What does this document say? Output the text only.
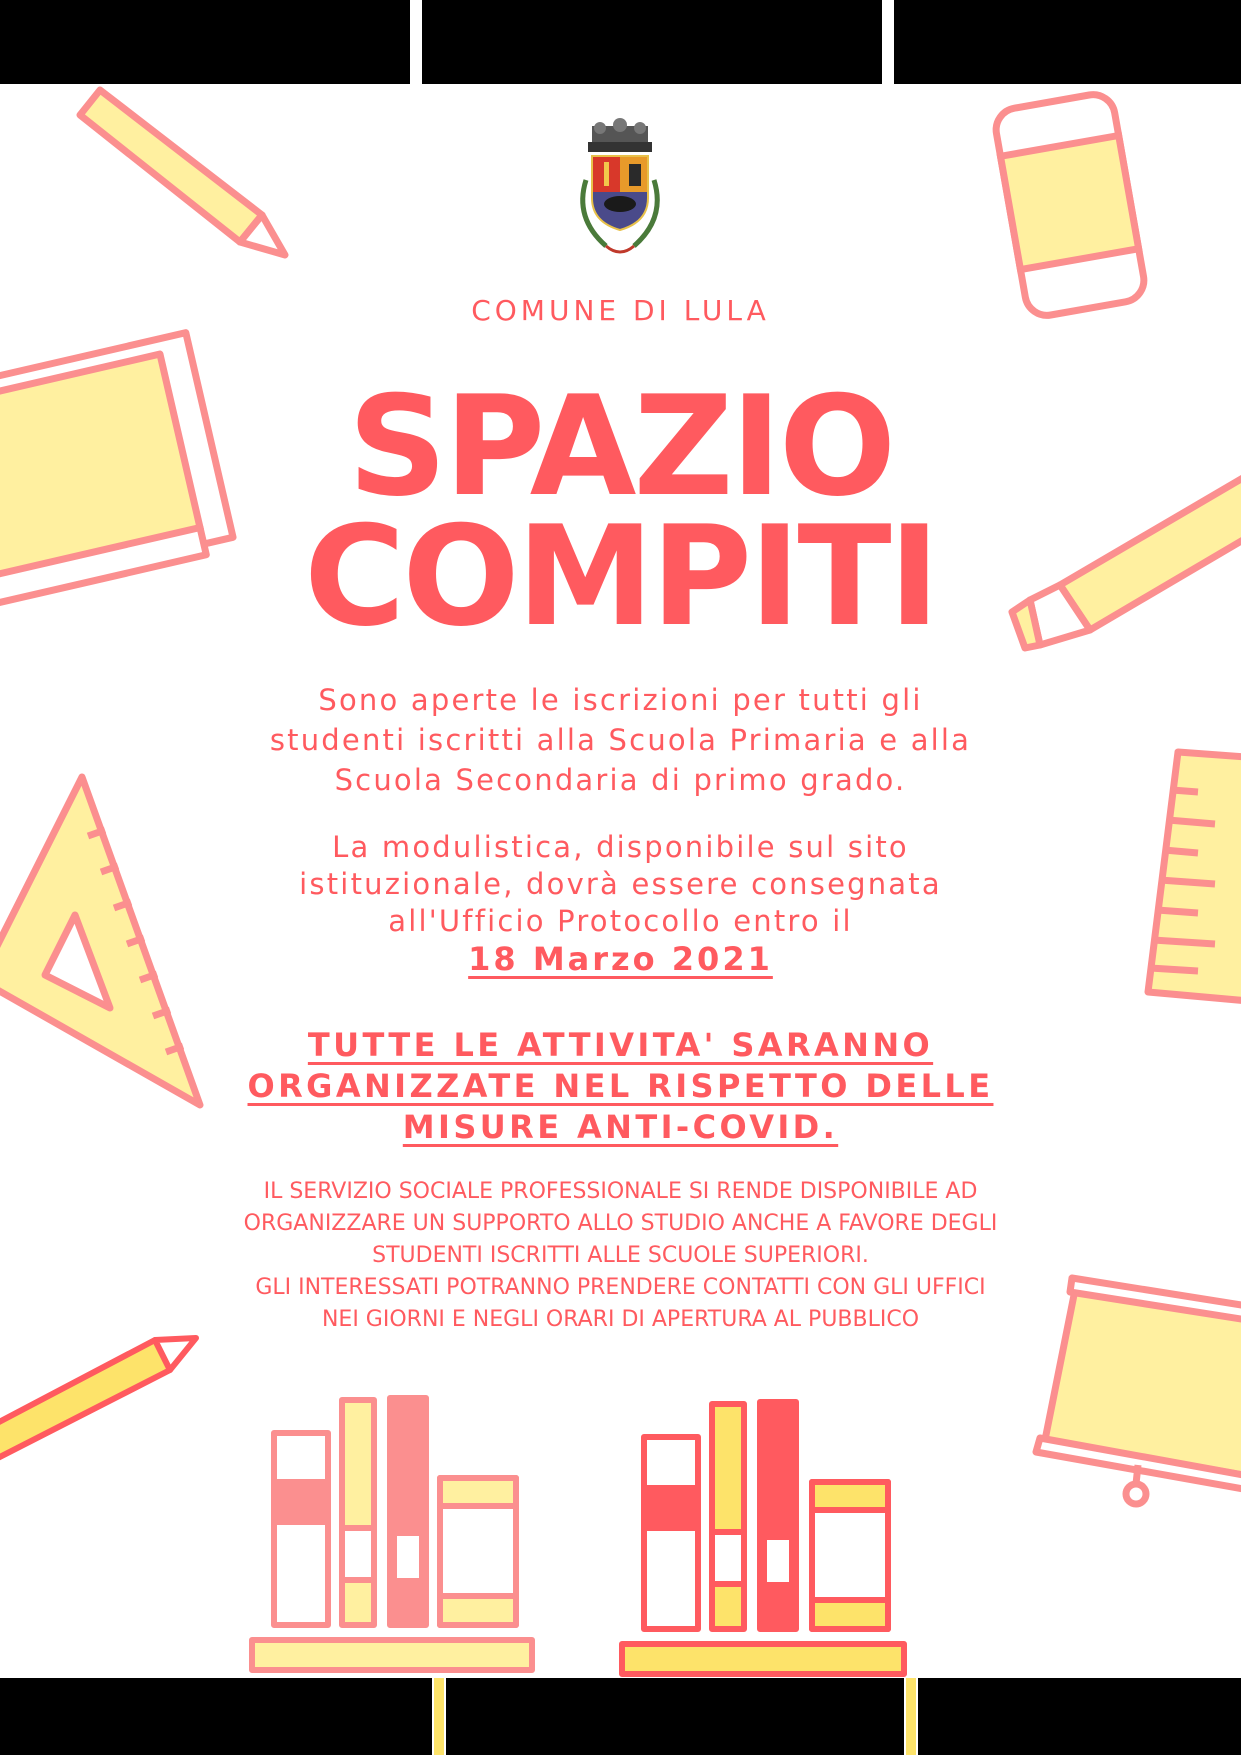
COMUNE DI LULA
SPAZIO
COMPITI
Sono aperte le iscrizioni per tutti gli
studenti iscritti alla Scuola Primaria e alla
Scuola Secondaria di primo grado.
La modulistica, disponibile sul sito
istituzionale, dovrà essere consegnata
all'Ufficio Protocollo entro il
18 Marzo 2021
TUTTE LE ATTIVITA' SARANNO
ORGANIZZATE NEL RISPETTO DELLE
MISURE ANTI-COVID.
IL SERVIZIO SOCIALE PROFESSIONALE SI RENDE DISPONIBILE AD
ORGANIZZARE UN SUPPORTO ALLO STUDIO ANCHE A FAVORE DEGLI
STUDENTI ISCRITTI ALLE SCUOLE SUPERIORI.
GLI INTERESSATI POTRANNO PRENDERE CONTATTI CON GLI UFFICI
NEI GIORNI E NEGLI ORARI DI APERTURA AL PUBBLICO
